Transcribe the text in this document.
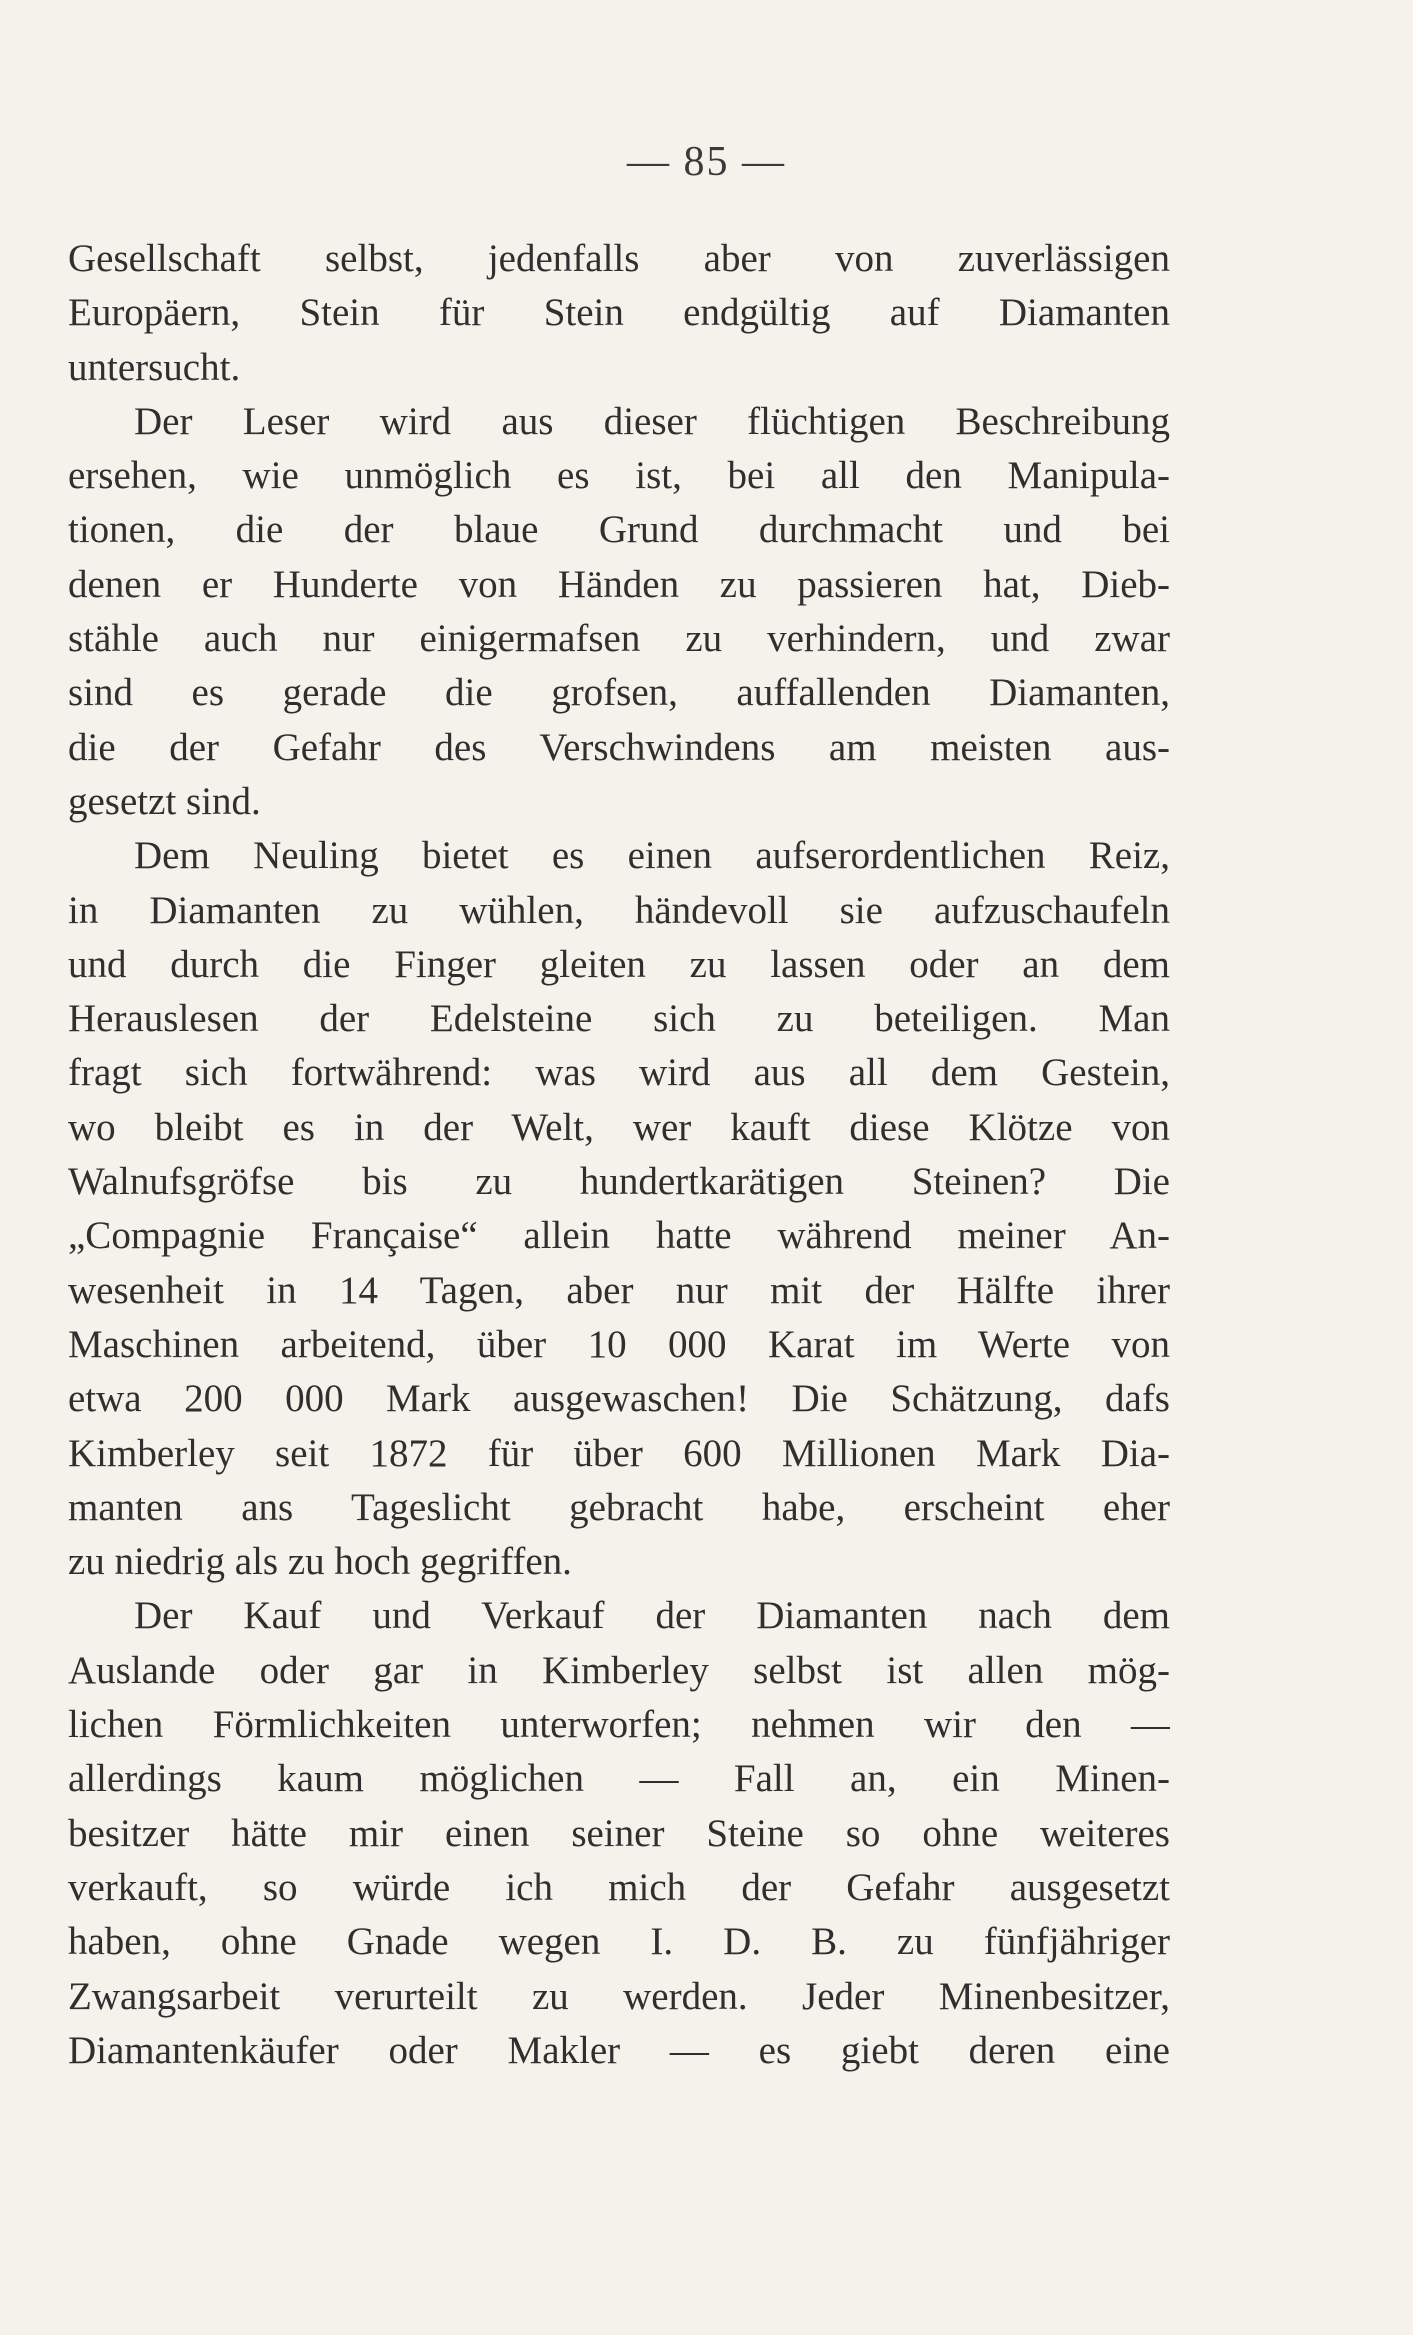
— 85 —
Gesellschaft selbst, jedenfalls aber von zuverlässigen
Europäern, Stein für Stein endgültig auf Diamanten
untersucht.
Der Leser wird aus dieser flüchtigen Beschreibung
ersehen, wie unmöglich es ist, bei all den Manipula-
tionen, die der blaue Grund durchmacht und bei
denen er Hunderte von Händen zu passieren hat, Dieb-
stähle auch nur einigermafsen zu verhindern, und zwar
sind es gerade die grofsen, auffallenden Diamanten,
die der Gefahr des Verschwindens am meisten aus-
gesetzt sind.
Dem Neuling bietet es einen aufserordentlichen Reiz,
in Diamanten zu wühlen, händevoll sie aufzuschaufeln
und durch die Finger gleiten zu lassen oder an dem
Herauslesen der Edelsteine sich zu beteiligen. Man
fragt sich fortwährend: was wird aus all dem Gestein,
wo bleibt es in der Welt, wer kauft diese Klötze von
Walnufsgröfse bis zu hundertkarätigen Steinen? Die
„Compagnie Française“ allein hatte während meiner An-
wesenheit in 14 Tagen, aber nur mit der Hälfte ihrer
Maschinen arbeitend, über 10 000 Karat im Werte von
etwa 200 000 Mark ausgewaschen! Die Schätzung, dafs
Kimberley seit 1872 für über 600 Millionen Mark Dia-
manten ans Tageslicht gebracht habe, erscheint eher
zu niedrig als zu hoch gegriffen.
Der Kauf und Verkauf der Diamanten nach dem
Auslande oder gar in Kimberley selbst ist allen mög-
lichen Förmlichkeiten unterworfen; nehmen wir den —
allerdings kaum möglichen — Fall an, ein Minen-
besitzer hätte mir einen seiner Steine so ohne weiteres
verkauft, so würde ich mich der Gefahr ausgesetzt
haben, ohne Gnade wegen I. D. B. zu fünfjähriger
Zwangsarbeit verurteilt zu werden. Jeder Minenbesitzer,
Diamantenkäufer oder Makler — es giebt deren eine
